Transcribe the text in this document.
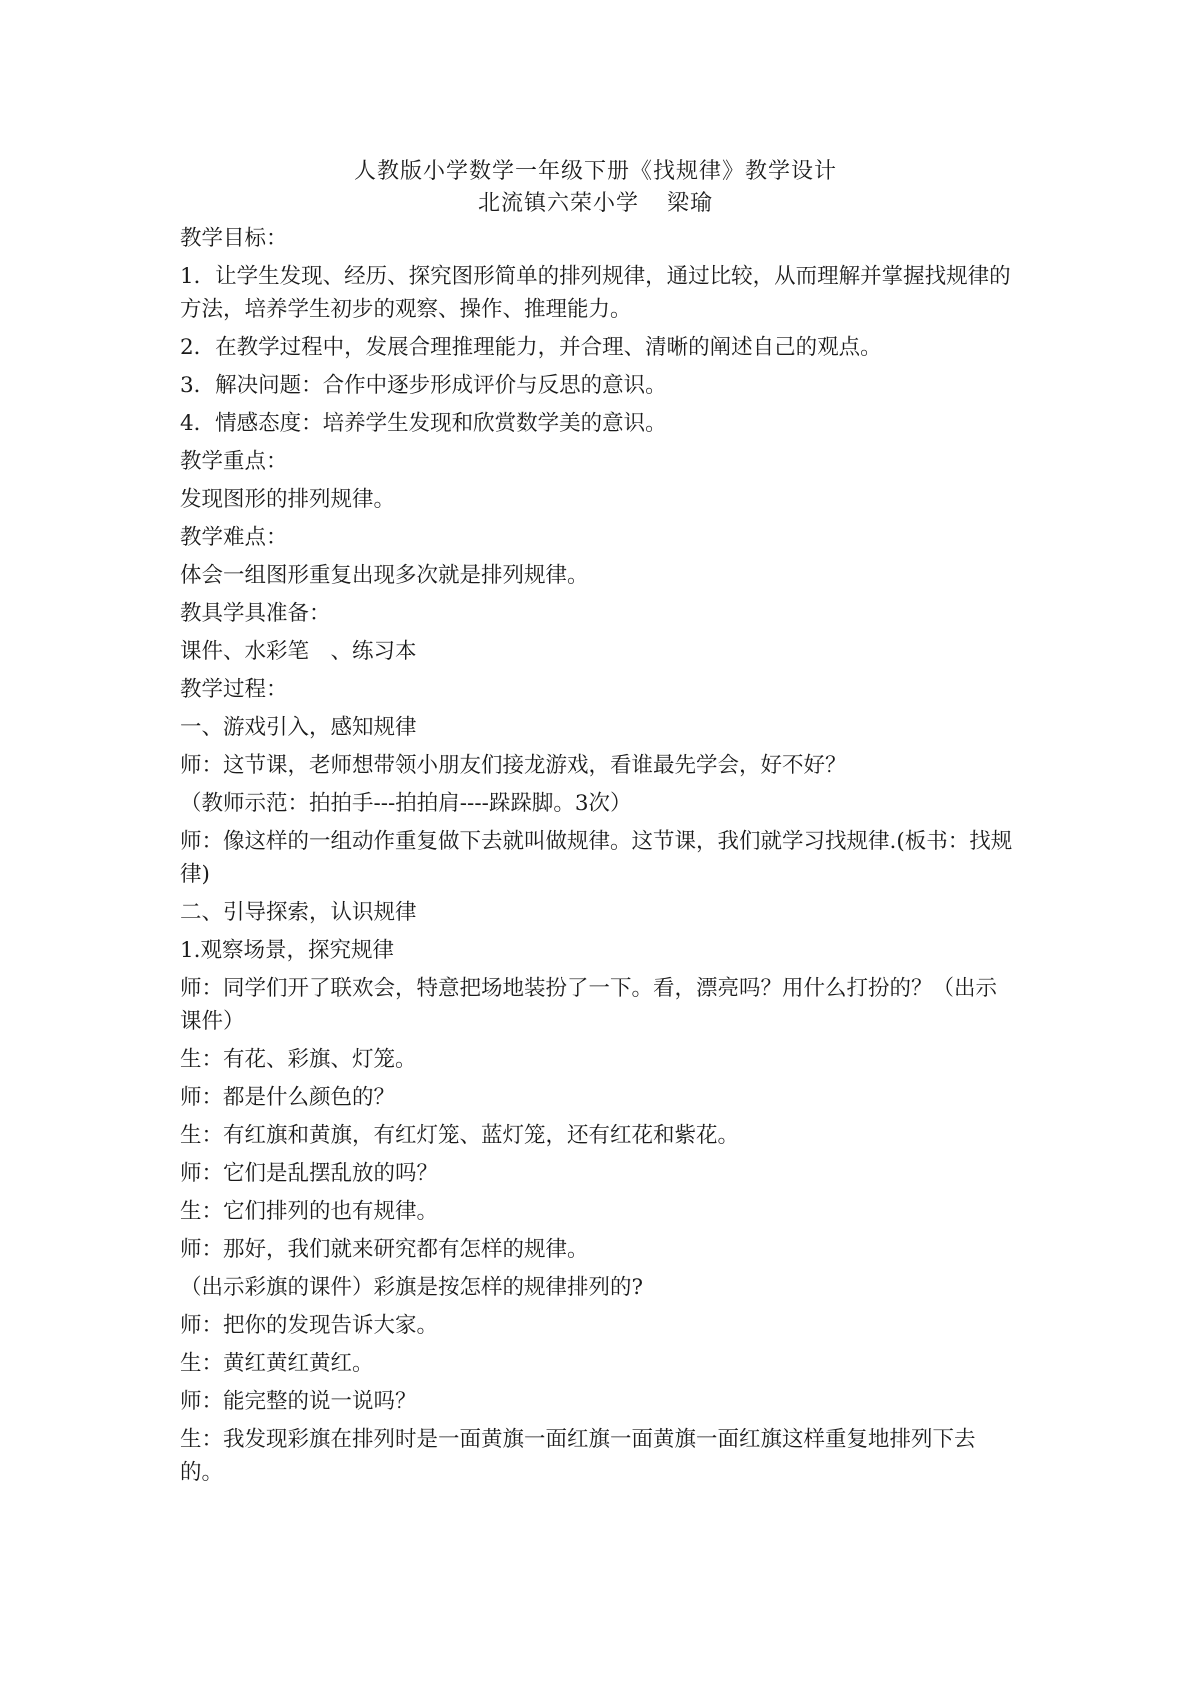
人教版小学数学一年级下册《找规律》教学设计
北流镇六荣小学 梁瑜

教学目标：

1．让学生发现、经历、探究图形简单的排列规律，通过比较，从而理解并掌握找规律的方法，培养学生初步的观察、操作、推理能力。

2．在教学过程中，发展合理推理能力，并合理、清晰的阐述自己的观点。

3．解决问题：合作中逐步形成评价与反思的意识。

4．情感态度：培养学生发现和欣赏数学美的意识。

教学重点：

发现图形的排列规律。

教学难点：

体会一组图形重复出现多次就是排列规律。

教具学具准备：

课件、水彩笔　、练习本

教学过程：

一、游戏引入，感知规律

师：这节课，老师想带领小朋友们接龙游戏，看谁最先学会，好不好？

（教师示范：拍拍手---拍拍肩----跺跺脚。3次）

师：像这样的一组动作重复做下去就叫做规律。这节课，我们就学习找规律.(板书：找规律)

二、引导探索，认识规律

1.观察场景，探究规律

师：同学们开了联欢会，特意把场地装扮了一下。看，漂亮吗？用什么打扮的？（出示课件）

生：有花、彩旗、灯笼。

师：都是什么颜色的？

生：有红旗和黄旗，有红灯笼、蓝灯笼，还有红花和紫花。

师：它们是乱摆乱放的吗？

生：它们排列的也有规律。

师：那好，我们就来研究都有怎样的规律。

（出示彩旗的课件）彩旗是按怎样的规律排列的?

师：把你的发现告诉大家。

生：黄红黄红黄红。

师：能完整的说一说吗？

生：我发现彩旗在排列时是一面黄旗一面红旗一面黄旗一面红旗这样重复地排列下去的。
